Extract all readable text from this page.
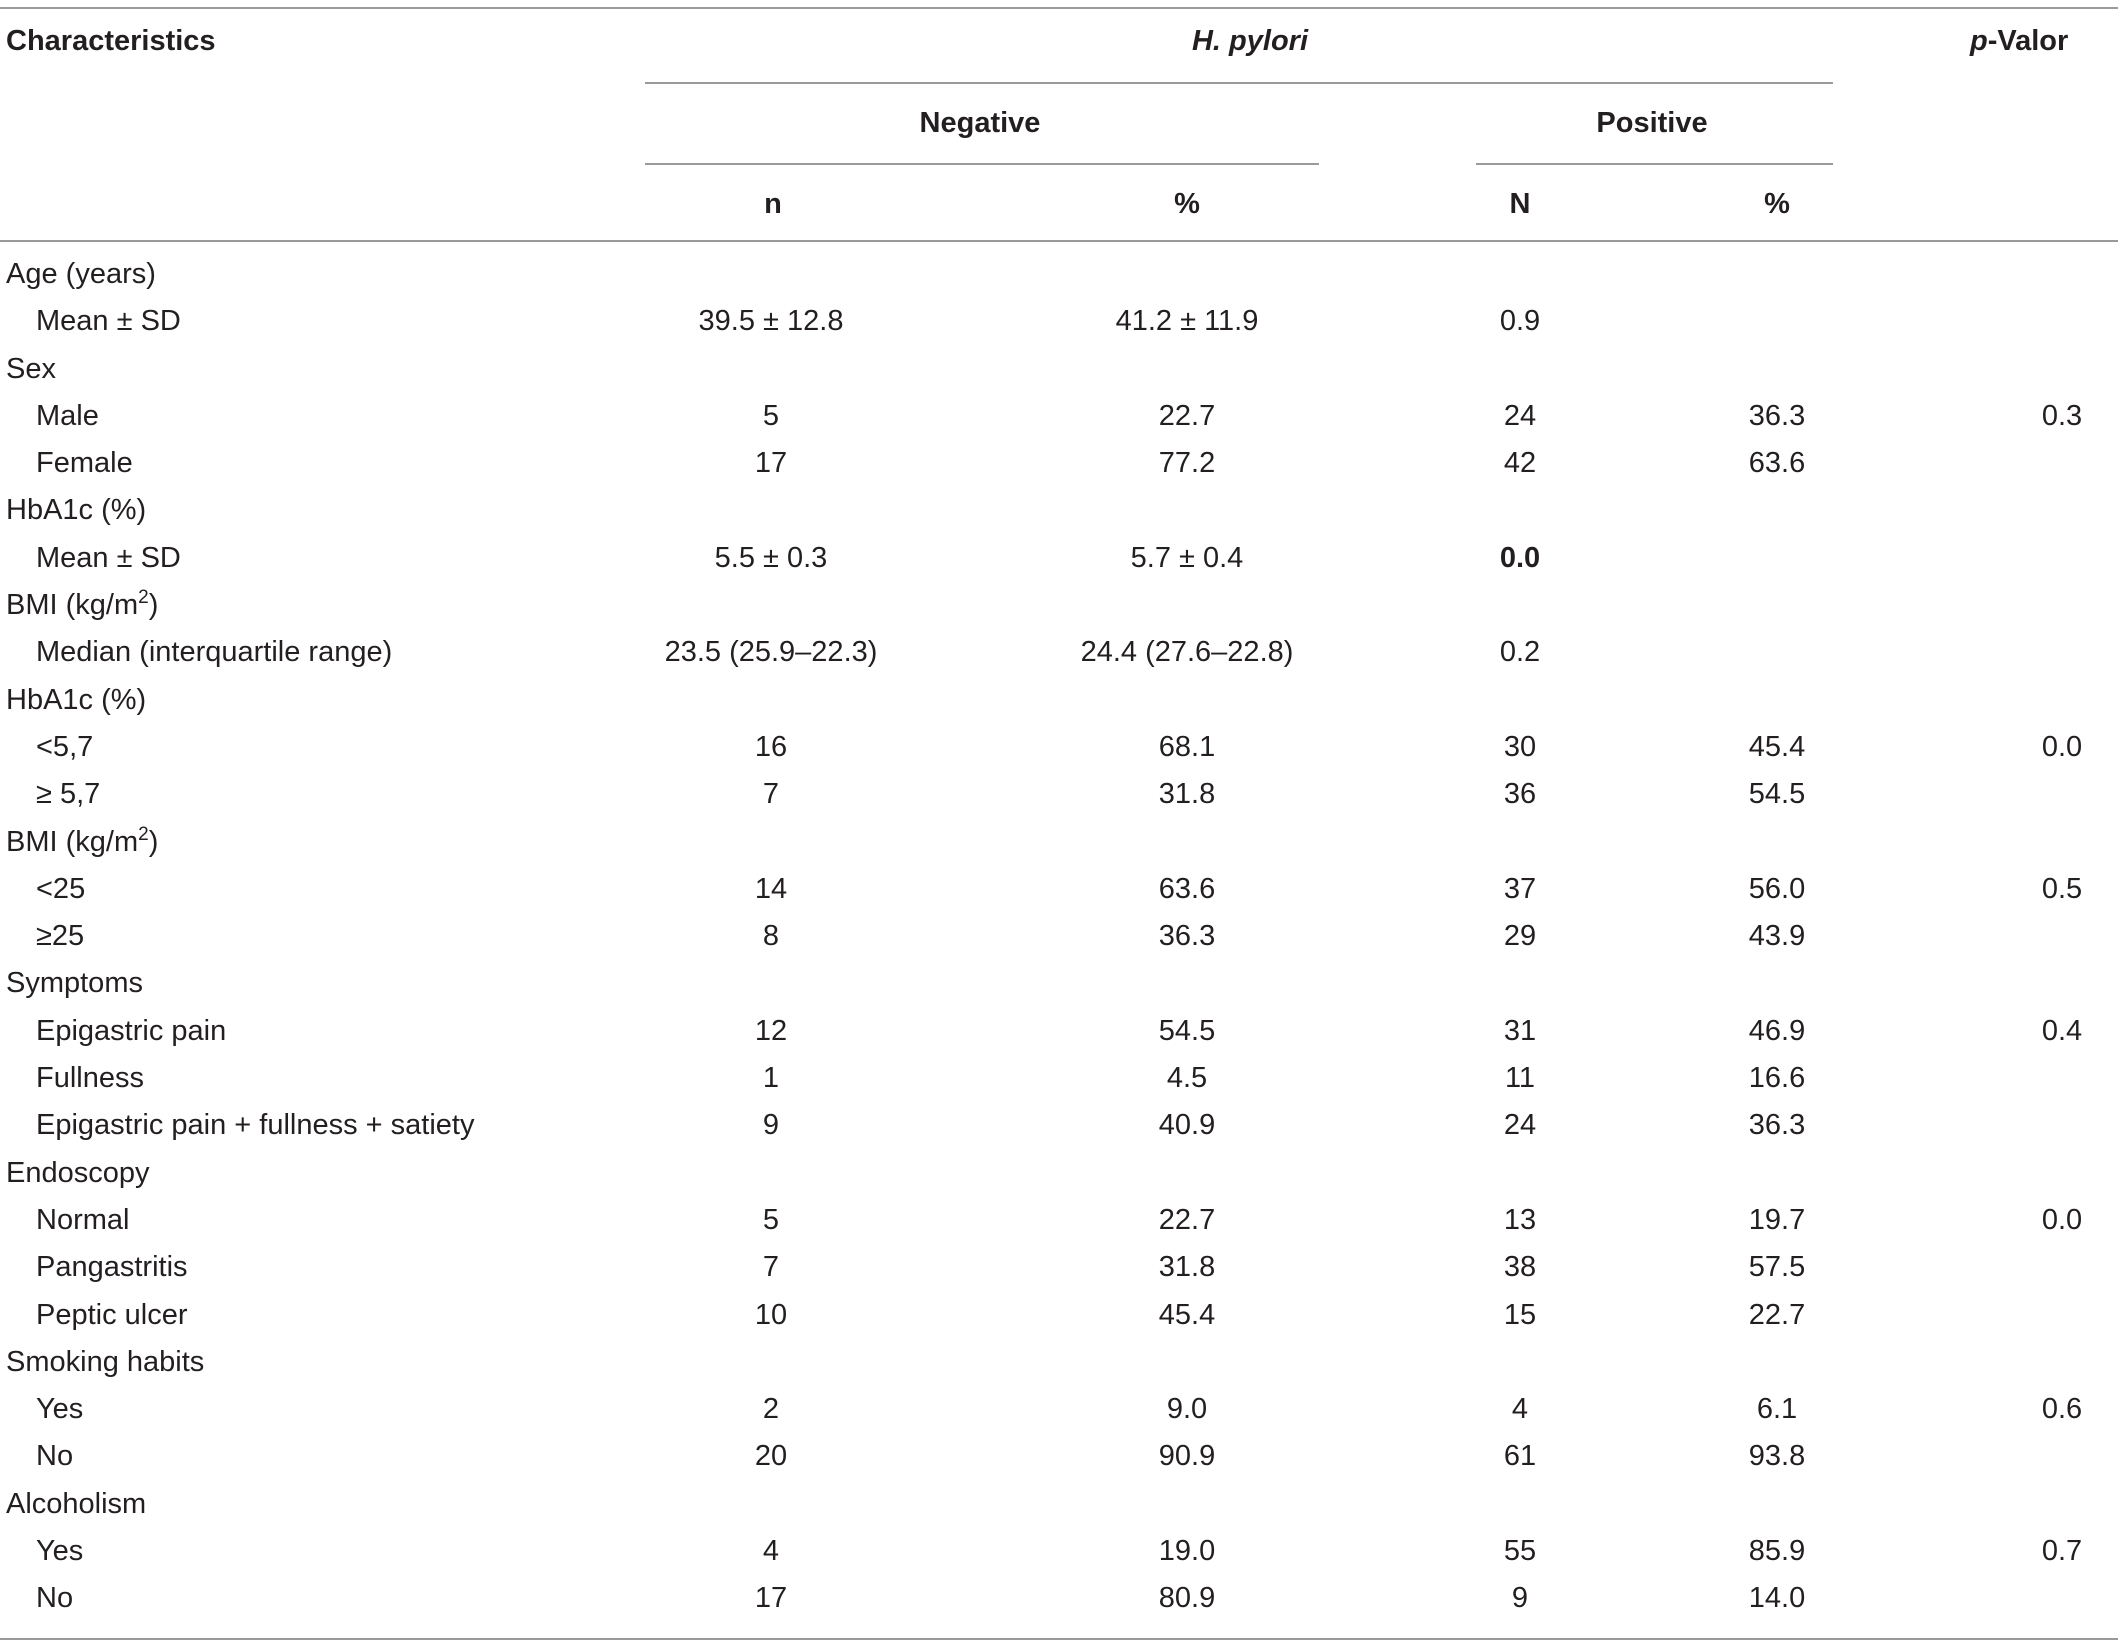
Characteristics	H. pylori	p-Valor
Negative	Positive
n	%	N	%
Age (years)
Mean ± SD	39.5 ± 12.8	41.2 ± 11.9	0.9
Sex
Male	5	22.7	24	36.3	0.3
Female	17	77.2	42	63.6
HbA1c (%)
Mean ± SD	5.5 ± 0.3	5.7 ± 0.4	0.0
BMI $(kg/m^2)$
Median (interquartile range)	23.5 (25.9–22.3)	24.4 (27.6–22.8)	0.2
HbA1c (%)
<5,7	16	68.1	30	45.4	0.0
≥ 5,7	7	31.8	36	54.5
BMI $(kg/m^2)$
<25	14	63.6	37	56.0	0.5
≥25	8	36.3	29	43.9
Symptoms
Epigastric pain	12	54.5	31	46.9	0.4
Fullness	1	4.5	11	16.6
Epigastric pain + fullness + satiety	9	40.9	24	36.3
Endoscopy
Normal	5	22.7	13	19.7	0.0
Pangastritis	7	31.8	38	57.5
Peptic ulcer	10	45.4	15	22.7
Smoking habits
Yes	2	9.0	4	6.1	0.6
No	20	90.9	61	93.8
Alcoholism
Yes	4	19.0	55	85.9	0.7
No	17	80.9	9	14.0
